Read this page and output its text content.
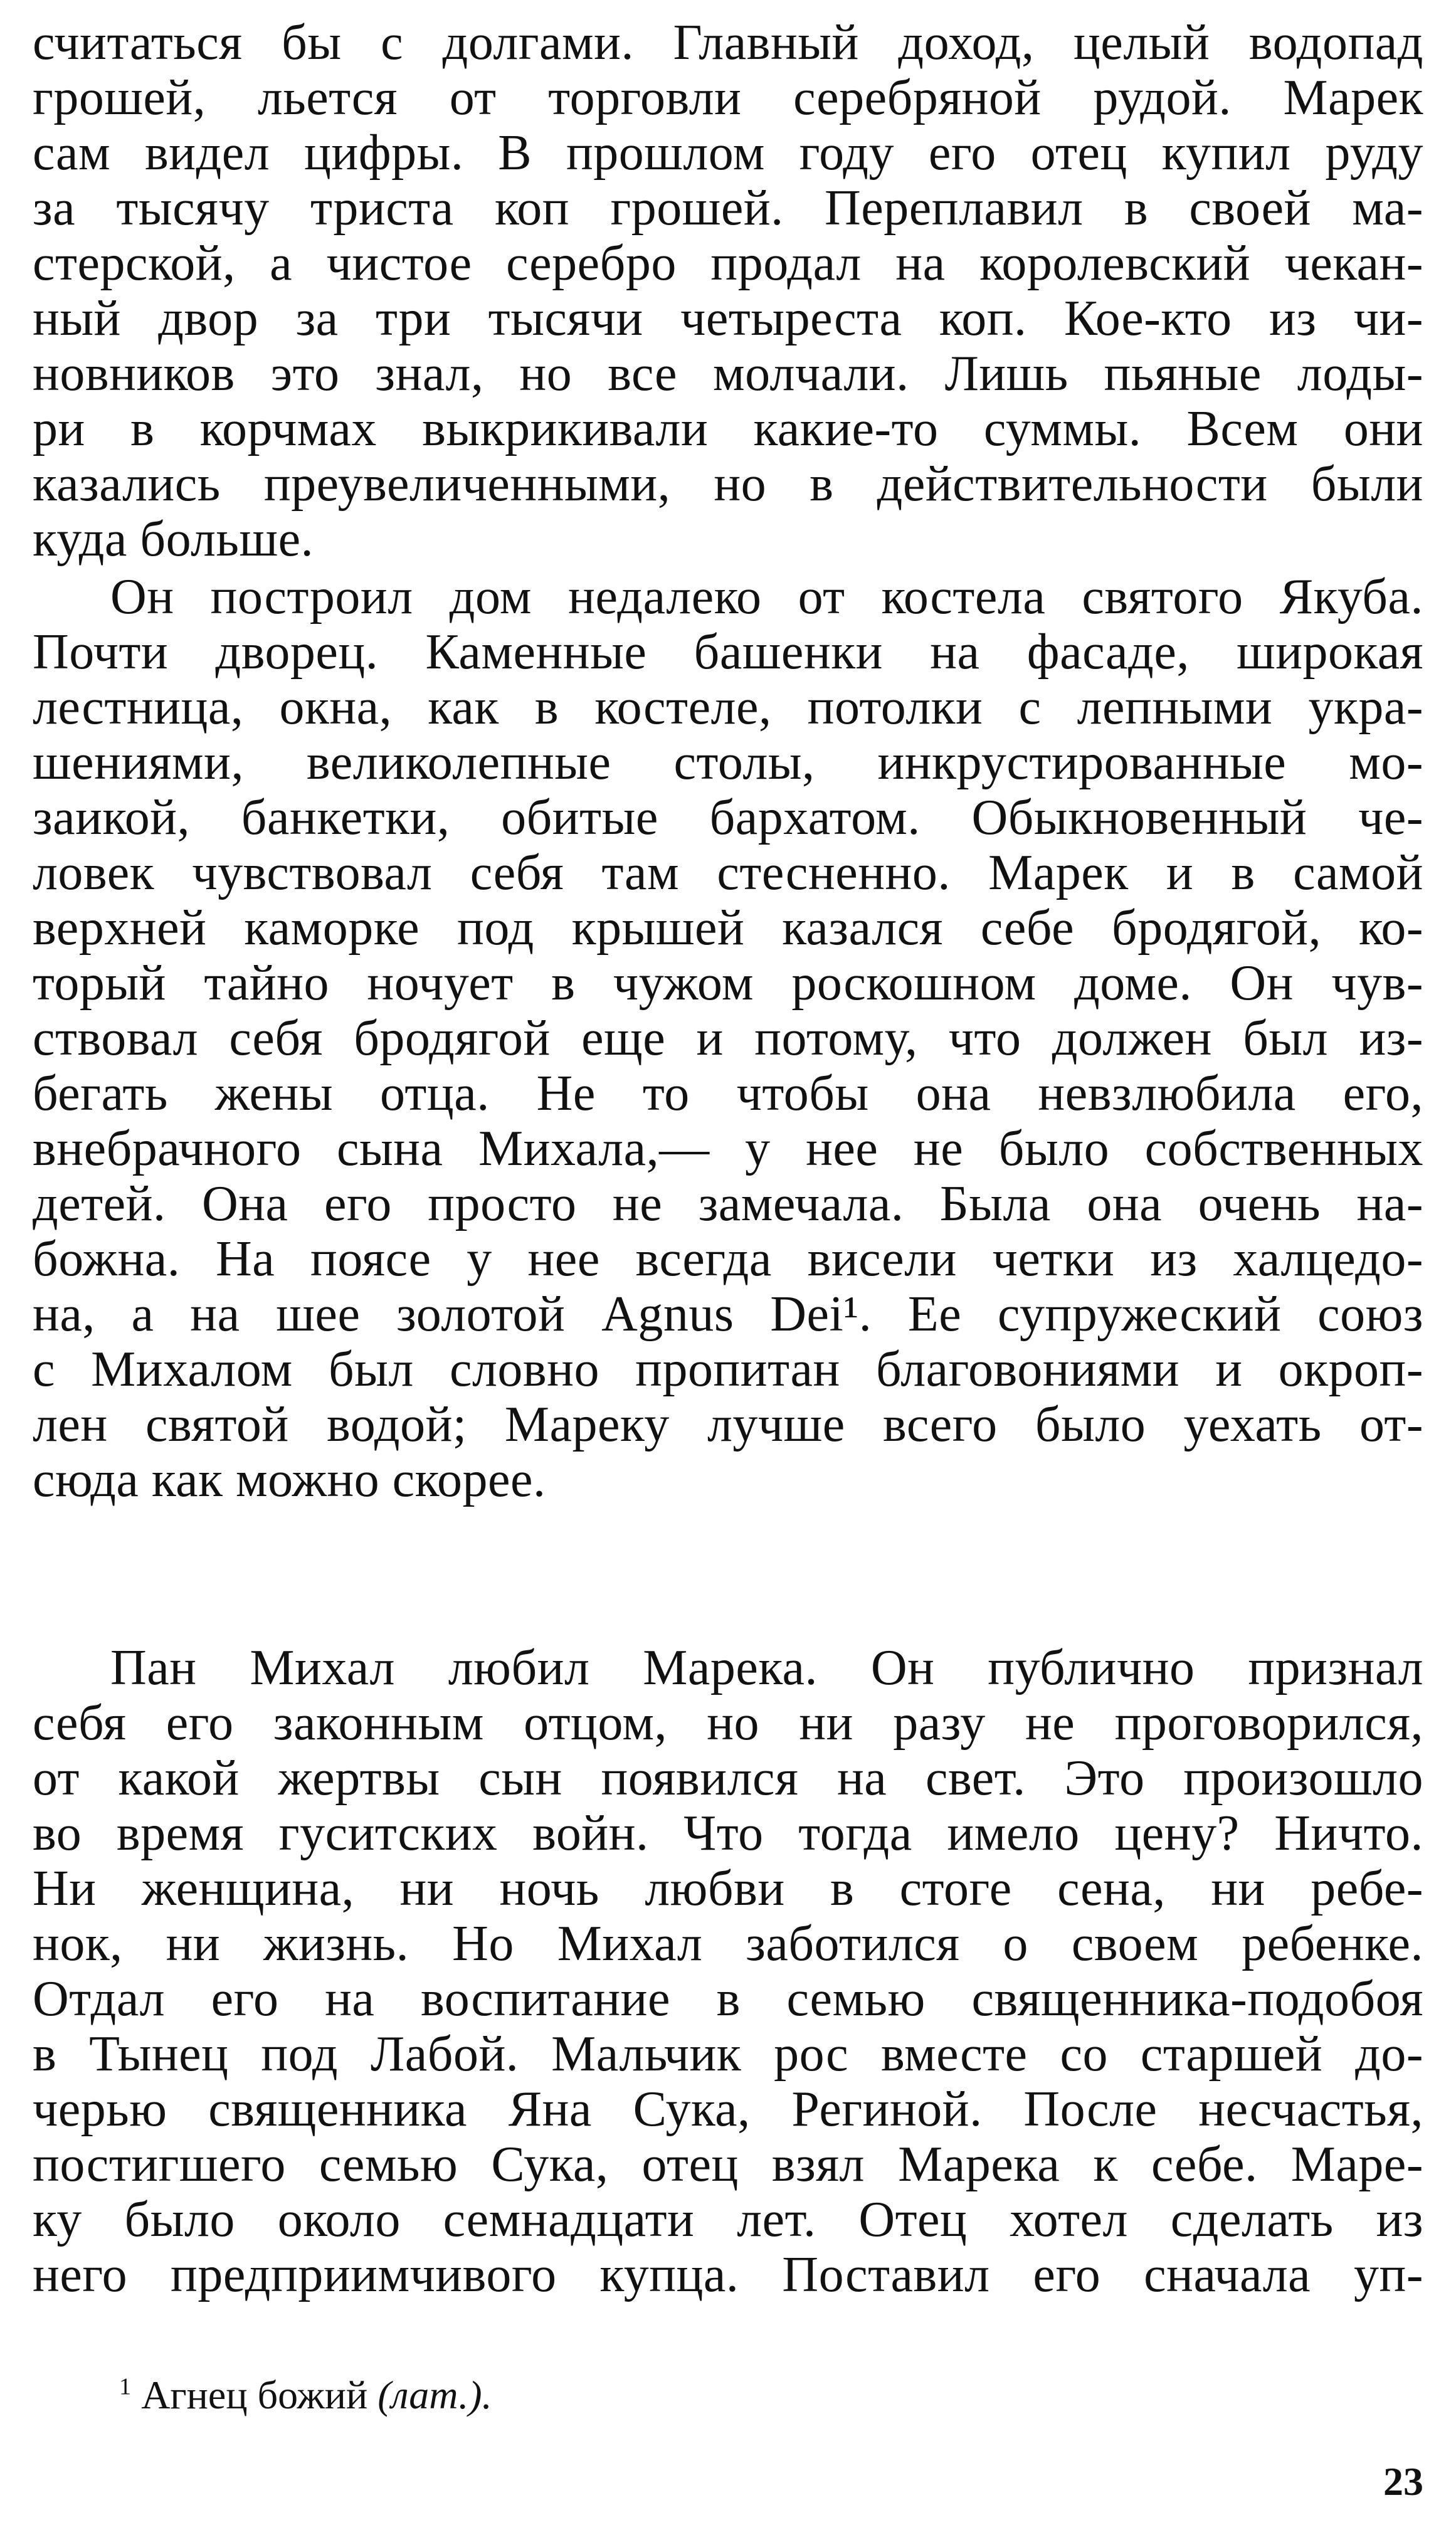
считаться бы с долгами. Главный доход, целый водопад
грошей, льется от торговли серебряной рудой. Марек
сам видел цифры. В прошлом году его отец купил руду
за тысячу триста коп грошей. Переплавил в своей ма-
стерской, а чистое серебро продал на королевский чекан-
ный двор за три тысячи четыреста коп. Кое-кто из чи-
новников это знал, но все молчали. Лишь пьяные лоды-
ри в корчмах выкрикивали какие-то суммы. Всем они
казались преувеличенными, но в действительности были
куда больше.
Он построил дом недалеко от костела святого Якуба.
Почти дворец. Каменные башенки на фасаде, широкая
лестница, окна, как в костеле, потолки с лепными укра-
шениями, великолепные столы, инкрустированные мо-
заикой, банкетки, обитые бархатом. Обыкновенный че-
ловек чувствовал себя там стесненно. Марек и в самой
верхней каморке под крышей казался себе бродягой, ко-
торый тайно ночует в чужом роскошном доме. Он чув-
ствовал себя бродягой еще и потому, что должен был из-
бегать жены отца. Не то чтобы она невзлюбила его,
внебрачного сына Михала,— у нее не было собственных
детей. Она его просто не замечала. Была она очень на-
божна. На поясе у нее всегда висели четки из халцедо-
на, а на шее золотой Agnus Dei¹. Ее супружеский союз
с Михалом был словно пропитан благовониями и окроп-
лен святой водой; Мареку лучше всего было уехать от-
сюда как можно скорее.
Пан Михал любил Марека. Он публично признал
себя его законным отцом, но ни разу не проговорился,
от какой жертвы сын появился на свет. Это произошло
во время гуситских войн. Что тогда имело цену? Ничто.
Ни женщина, ни ночь любви в стоге сена, ни ребе-
нок, ни жизнь. Но Михал заботился о своем ребенке.
Отдал его на воспитание в семью священника-подобоя
в Тынец под Лабой. Мальчик рос вместе со старшей до-
черью священника Яна Сука, Региной. После несчастья,
постигшего семью Сука, отец взял Марека к себе. Маре-
ку было около семнадцати лет. Отец хотел сделать из
него предприимчивого купца. Поставил его сначала уп-
$^1$ Агнец божий (лат.).
23
